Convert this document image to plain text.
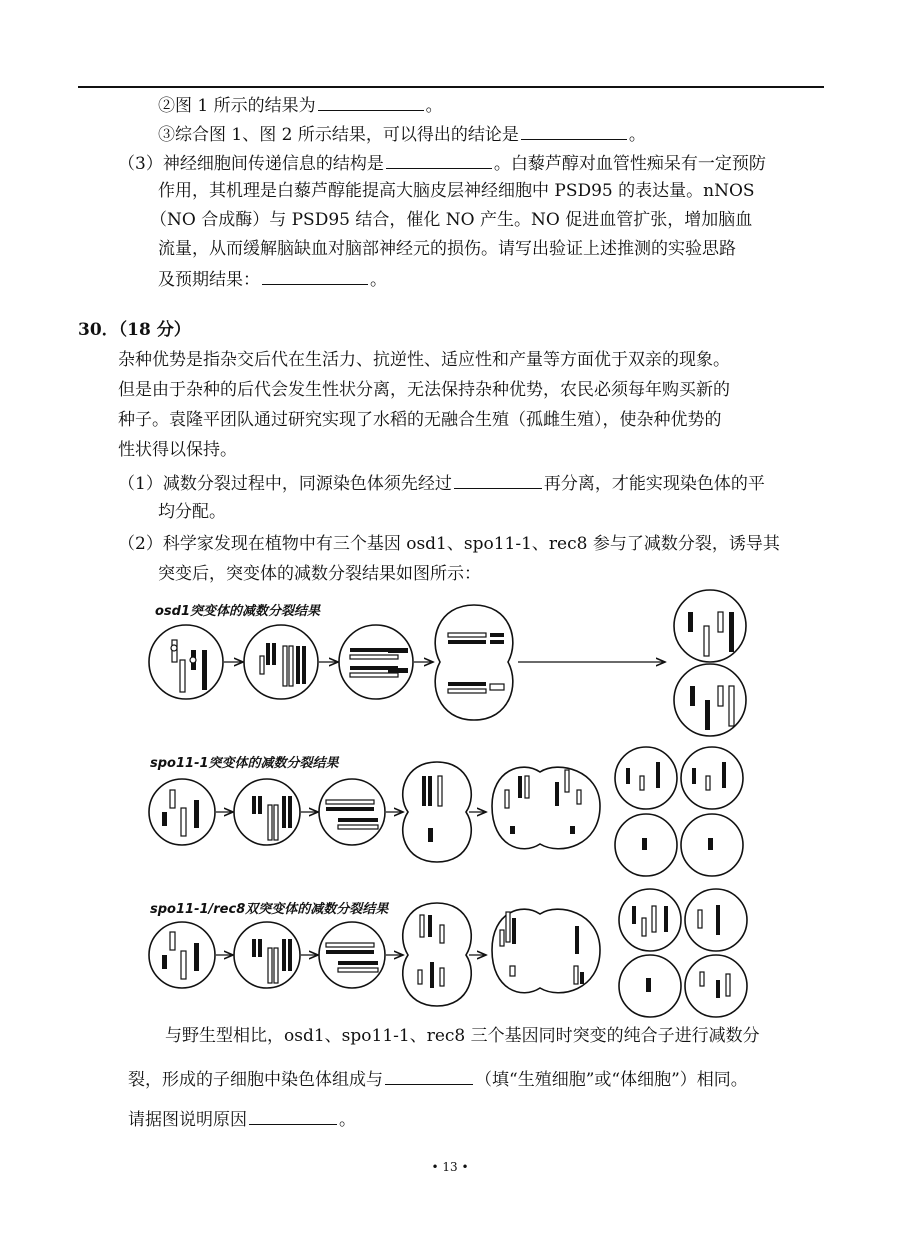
②图 1 所示的结果为	。
③综合图 1、图 2 所示结果，可以得出的结论是	。
（3）神经细胞间传递信息的结构是	。白藜芦醇对血管性痴呆有一定预防
作用，其机理是白藜芦醇能提高大脑皮层神经细胞中 PSD95 的表达量。nNOS
（NO 合成酶）与 PSD95 结合，催化 NO 产生。NO 促进血管扩张，增加脑血
流量，从而缓解脑缺血对脑部神经元的损伤。请写出验证上述推测的实验思路
及预期结果：	。
30．（18 分）
杂种优势是指杂交后代在生活力、抗逆性、适应性和产量等方面优于双亲的现象。
但是由于杂种的后代会发生性状分离，无法保持杂种优势，农民必须每年购买新的
种子。袁隆平团队通过研究实现了水稻的无融合生殖（孤雌生殖），使杂种优势的
性状得以保持。
（1）减数分裂过程中，同源染色体须先经过	再分离，才能实现染色体的平
均分配。
（2）科学家发现在植物中有三个基因 osd1、spo11-1、rec8 参与了减数分裂，诱导其
突变后，突变体的减数分裂结果如图所示：
osd1突变体的减数分裂结果
spo11-1突变体的减数分裂结果
spo11-1/rec8双突变体的减数分裂结果
与野生型相比，osd1、spo11-1、rec8 三个基因同时突变的纯合子进行减数分
裂，形成的子细胞中染色体组成与	（填“生殖细胞”或“体细胞”）相同。
请据图说明原因	。
• 13 •
